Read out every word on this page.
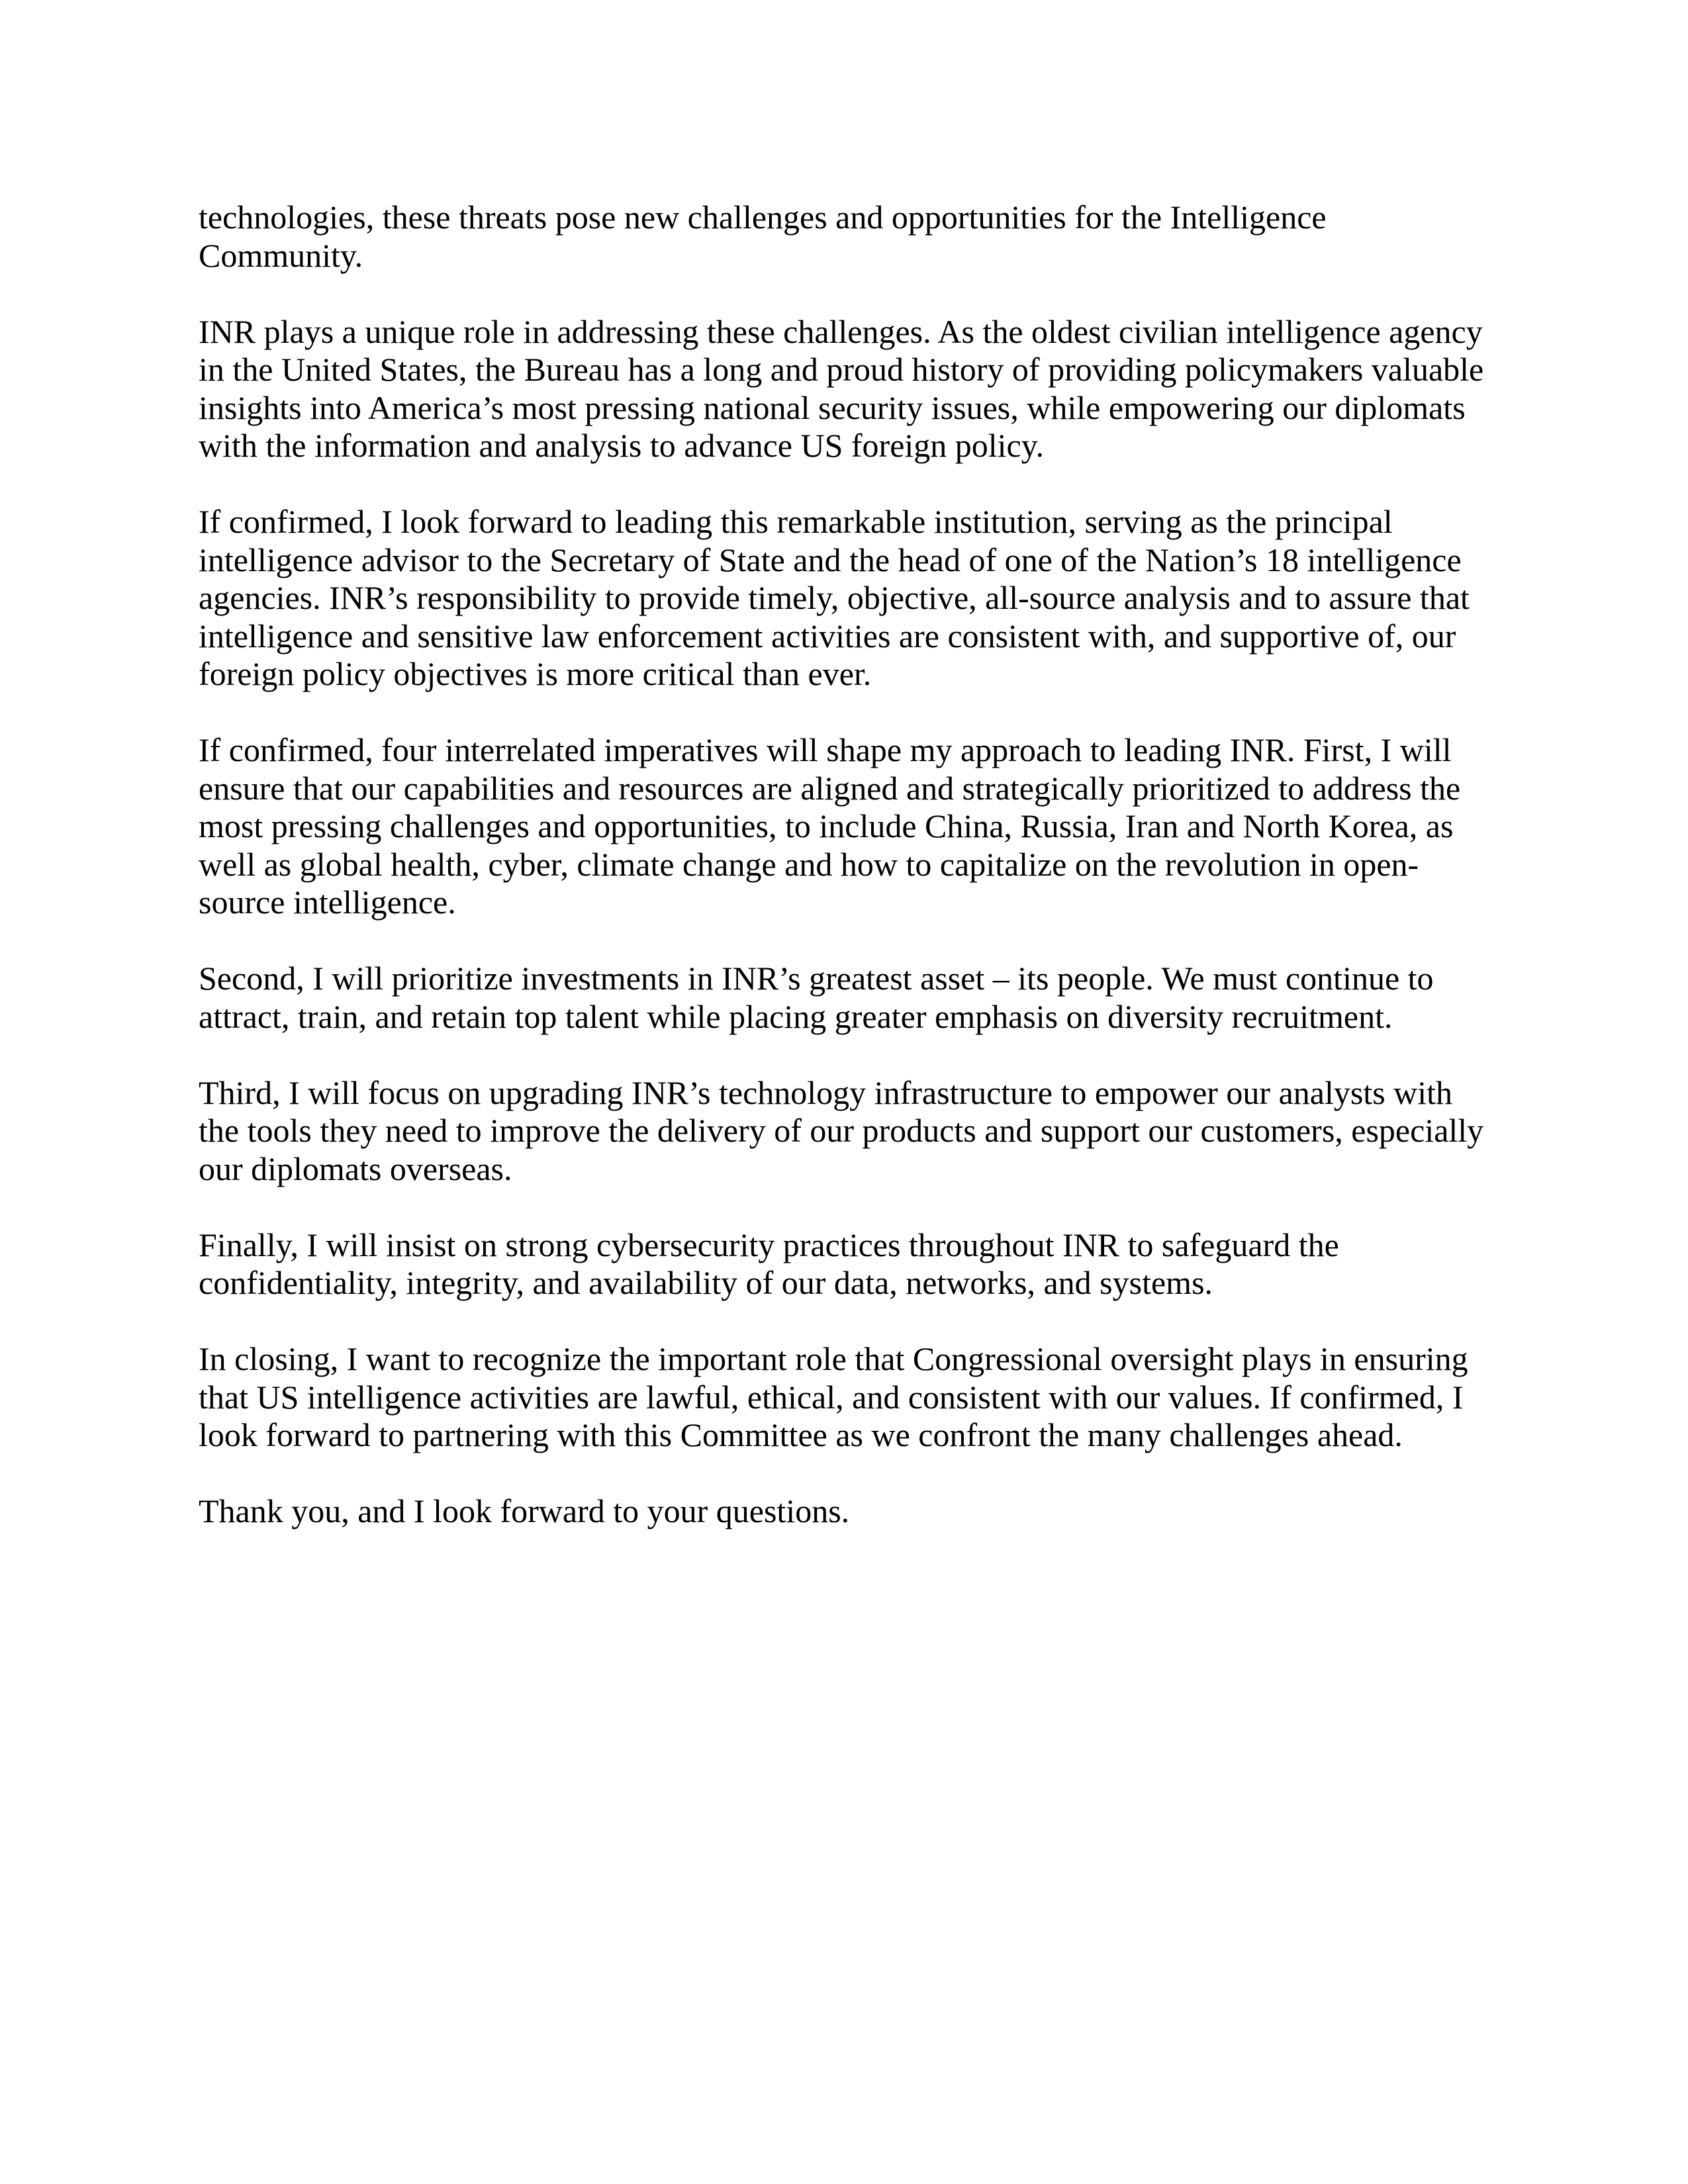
technologies, these threats pose new challenges and opportunities for the Intelligence
Community.
INR plays a unique role in addressing these challenges. As the oldest civilian intelligence agency
in the United States, the Bureau has a long and proud history of providing policymakers valuable
insights into America’s most pressing national security issues, while empowering our diplomats
with the information and analysis to advance US foreign policy.
If confirmed, I look forward to leading this remarkable institution, serving as the principal
intelligence advisor to the Secretary of State and the head of one of the Nation’s 18 intelligence
agencies. INR’s responsibility to provide timely, objective, all-source analysis and to assure that
intelligence and sensitive law enforcement activities are consistent with, and supportive of, our
foreign policy objectives is more critical than ever.
If confirmed, four interrelated imperatives will shape my approach to leading INR. First, I will
ensure that our capabilities and resources are aligned and strategically prioritized to address the
most pressing challenges and opportunities, to include China, Russia, Iran and North Korea, as
well as global health, cyber, climate change and how to capitalize on the revolution in open-
source intelligence.
Second, I will prioritize investments in INR’s greatest asset – its people. We must continue to
attract, train, and retain top talent while placing greater emphasis on diversity recruitment.
Third, I will focus on upgrading INR’s technology infrastructure to empower our analysts with
the tools they need to improve the delivery of our products and support our customers, especially
our diplomats overseas.
Finally, I will insist on strong cybersecurity practices throughout INR to safeguard the
confidentiality, integrity, and availability of our data, networks, and systems.
In closing, I want to recognize the important role that Congressional oversight plays in ensuring
that US intelligence activities are lawful, ethical, and consistent with our values. If confirmed, I
look forward to partnering with this Committee as we confront the many challenges ahead.
Thank you, and I look forward to your questions.
